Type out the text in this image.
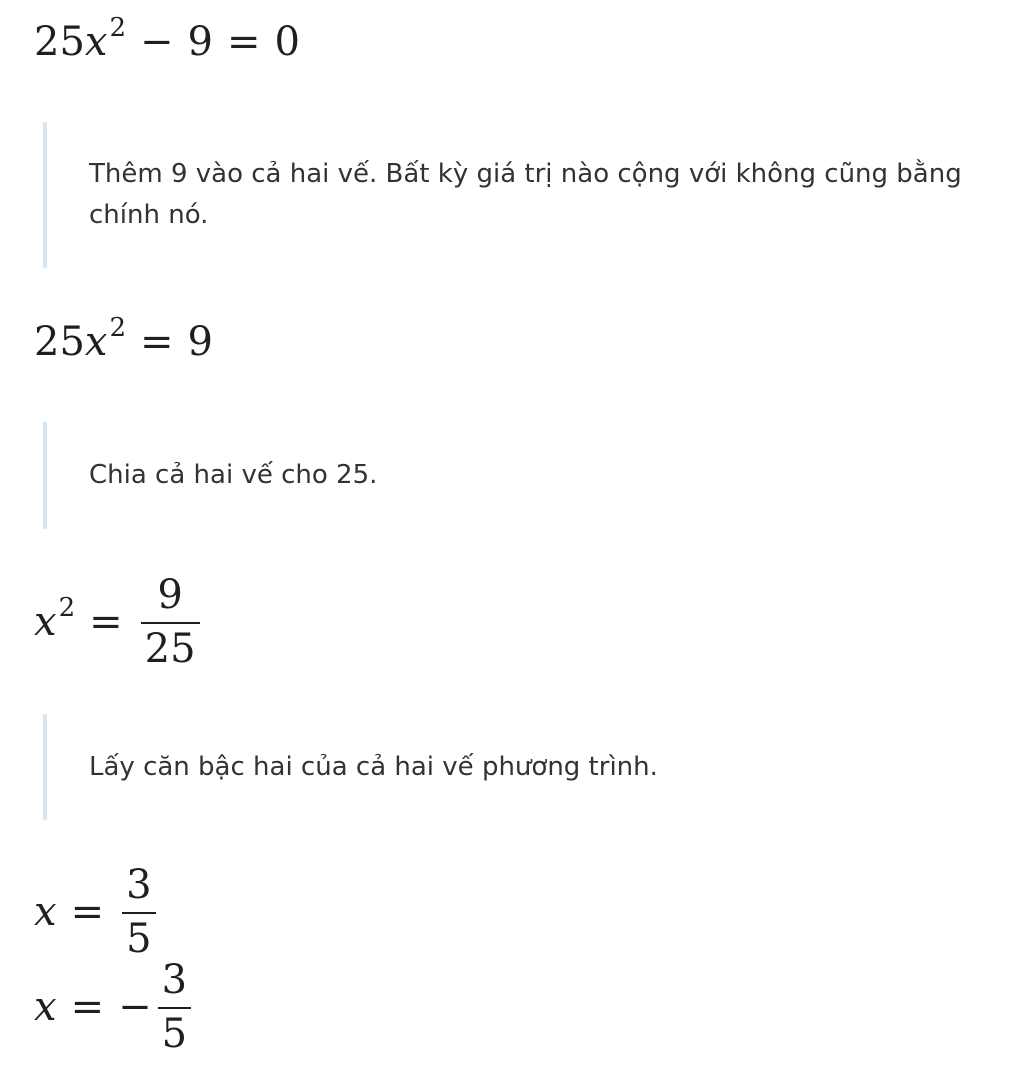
25 $x^2 - 9 = 0$
Thêm 9 vào cả hai vế. Bất kỳ giá trị nào cộng với không cũng bằng chính nó.
25 $x^2 = 9$
Chia cả hai vế cho 25.
$x^2 = \frac{9}{25}$
Lấy căn bậc hai của cả hai vế phương trình.
$x = \frac{3}{5}$
x = − $\frac{3}{5}$
